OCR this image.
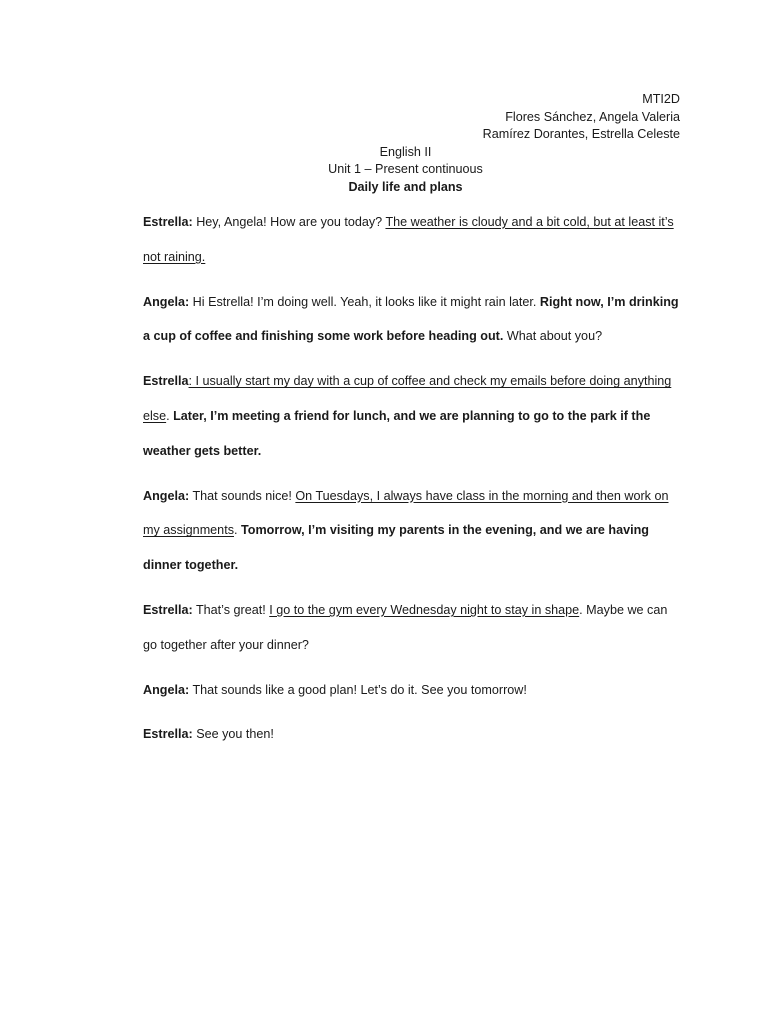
MTI2D
Flores Sánchez, Angela Valeria
Ramírez Dorantes, Estrella Celeste
English II
Unit 1 – Present continuous
Daily life and plans

Estrella: Hey, Angela! How are you today? The weather is cloudy and a bit cold, but at least it’s not raining.

Angela: Hi Estrella! I’m doing well. Yeah, it looks like it might rain later. Right now, I’m drinking a cup of coffee and finishing some work before heading out. What about you?

Estrella: I usually start my day with a cup of coffee and check my emails before doing anything else. Later, I’m meeting a friend for lunch, and we are planning to go to the park if the weather gets better.

Angela: That sounds nice! On Tuesdays, I always have class in the morning and then work on my assignments. Tomorrow, I’m visiting my parents in the evening, and we are having dinner together.

Estrella: That’s great! I go to the gym every Wednesday night to stay in shape. Maybe we can go together after your dinner?

Angela: That sounds like a good plan! Let’s do it. See you tomorrow!

Estrella: See you then!
